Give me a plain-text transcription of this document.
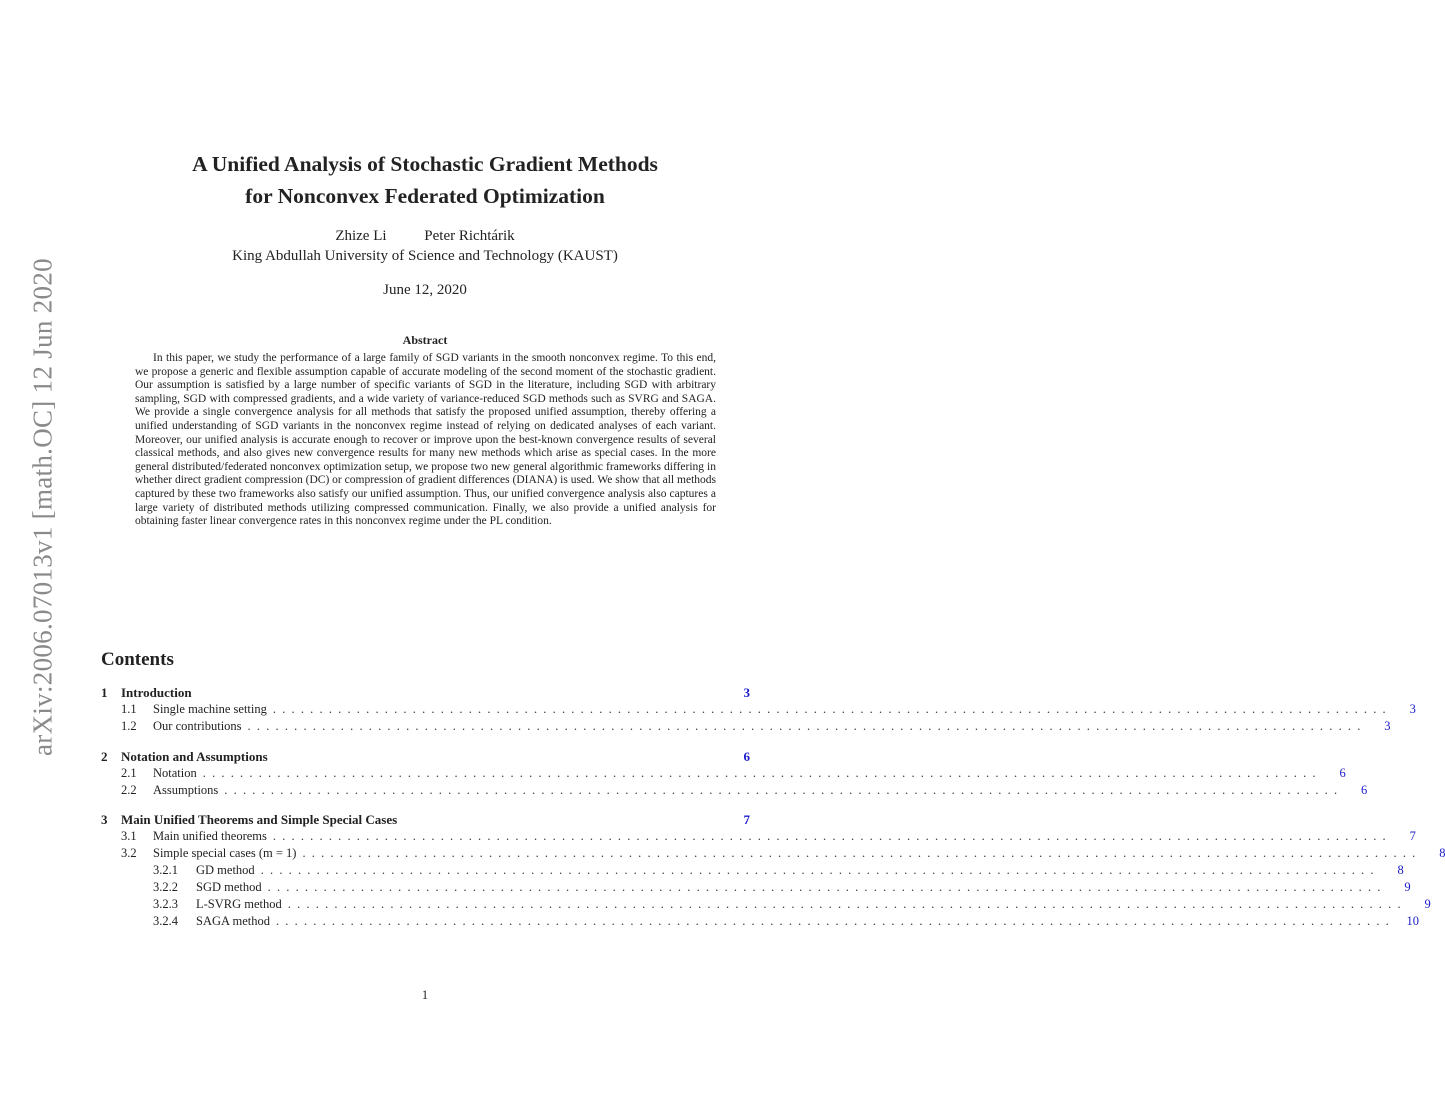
arXiv:2006.07013v1 [math.OC] 12 Jun 2020
A Unified Analysis of Stochastic Gradient Methods
for Nonconvex Federated Optimization
Zhize Li	Peter Richtárik
King Abdullah University of Science and Technology (KAUST)
June 12, 2020
Abstract

In this paper, we study the performance of a large family of SGD variants in the smooth nonconvex regime. To this end, we propose a generic and flexible assumption capable of accurate modeling of the second moment of the stochastic gradient. Our assumption is satisfied by a large number of specific variants of SGD in the literature, including SGD with arbitrary sampling, SGD with compressed gradients, and a wide variety of variance-reduced SGD methods such as SVRG and SAGA. We provide a single convergence analysis for all methods that satisfy the proposed unified assumption, thereby offering a unified understanding of SGD variants in the nonconvex regime instead of relying on dedicated analyses of each variant. Moreover, our unified analysis is accurate enough to recover or improve upon the best-known convergence results of several classical methods, and also gives new convergence results for many new methods which arise as special cases. In the more general distributed/federated nonconvex optimization setup, we propose two new general algorithmic frameworks differing in whether direct gradient compression (DC) or compression of gradient differences (DIANA) is used. We show that all methods captured by these two frameworks also satisfy our unified assumption. Thus, our unified convergence analysis also captures a large variety of distributed methods utilizing compressed communication. Finally, we also provide a unified analysis for obtaining faster linear convergence rates in this nonconvex regime under the PL condition.

Contents
1	Introduction	3
1.1	Single machine setting ........................................................................................................................	3
1.2	Our contributions ........................................................................................................................	3
2	Notation and Assumptions	6
2.1	Notation ........................................................................................................................	6
2.2	Assumptions ........................................................................................................................	6
3	Main Unified Theorems and Simple Special Cases	7
3.1	Main unified theorems ........................................................................................................................	7
3.2	Simple special cases (m = 1) ........................................................................................................................	8
3.2.1	GD method ........................................................................................................................	8
3.2.2	SGD method ........................................................................................................................	9
3.2.3	L-SVRG method ........................................................................................................................	9
3.2.4	SAGA method ........................................................................................................................ 10
1
